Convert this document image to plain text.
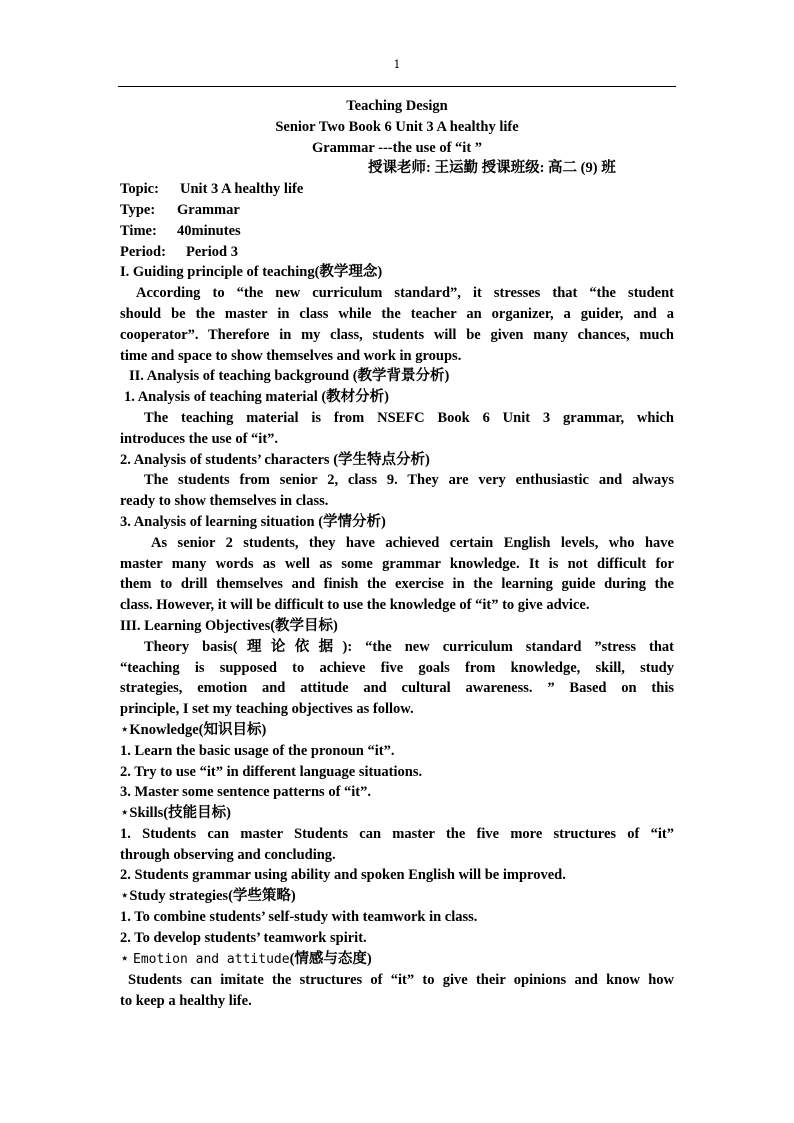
1

Teaching Design

Senior Two Book 6 Unit 3 A healthy life

Grammar ---the use of “it ”

授课老师: 王运勤 授课班级: 高二 (9) 班

Topic: Unit 3 A healthy life

Type: Grammar

Time: 40minutes

Period: Period 3

I. Guiding principle of teaching(教学理念)

According to “the new curriculum standard”, it stresses that “the student

should be the master in class while the teacher an organizer, a guider, and a

cooperator”. Therefore in my class, students will be given many chances, much

time and space to show themselves and work in groups.

II. Analysis of teaching background (教学背景分析)

1. Analysis of teaching material (教材分析)

The teaching material is from NSEFC Book 6 Unit 3 grammar, which

introduces the use of “it”.

2. Analysis of students’ characters (学生特点分析)

The students from senior 2, class 9. They are very enthusiastic and always

ready to show themselves in class.

3. Analysis of learning situation (学情分析)

As senior 2 students, they have achieved certain English levels, who have

master many words as well as some grammar knowledge. It is not difficult for

them to drill themselves and finish the exercise in the learning guide during the

class. However, it will be difficult to use the knowledge of “it” to give advice.

III. Learning Objectives(教学目标)

Theory basis(理论依据): “the new curriculum standard ”stress that

“teaching is supposed to achieve five goals from knowledge, skill, study

strategies, emotion and attitude and cultural awareness. ” Based on this

principle, I set my teaching objectives as follow.

⋆Knowledge(知识目标)

1. Learn the basic usage of the pronoun “it”.

2. Try to use “it” in different language situations.

3. Master some sentence patterns of “it”.

⋆Skills(技能目标)

1. Students can master Students can master the five more structures of “it”

through observing and concluding.

2. Students grammar using ability and spoken English will be improved.

⋆Study strategies(学些策略)

1. To combine students’ self-study with teamwork in class.

2. To develop students’ teamwork spirit.

⋆ Emotion and attitude(情感与态度)

Students can imitate the structures of “it” to give their opinions and know how

to keep a healthy life.
